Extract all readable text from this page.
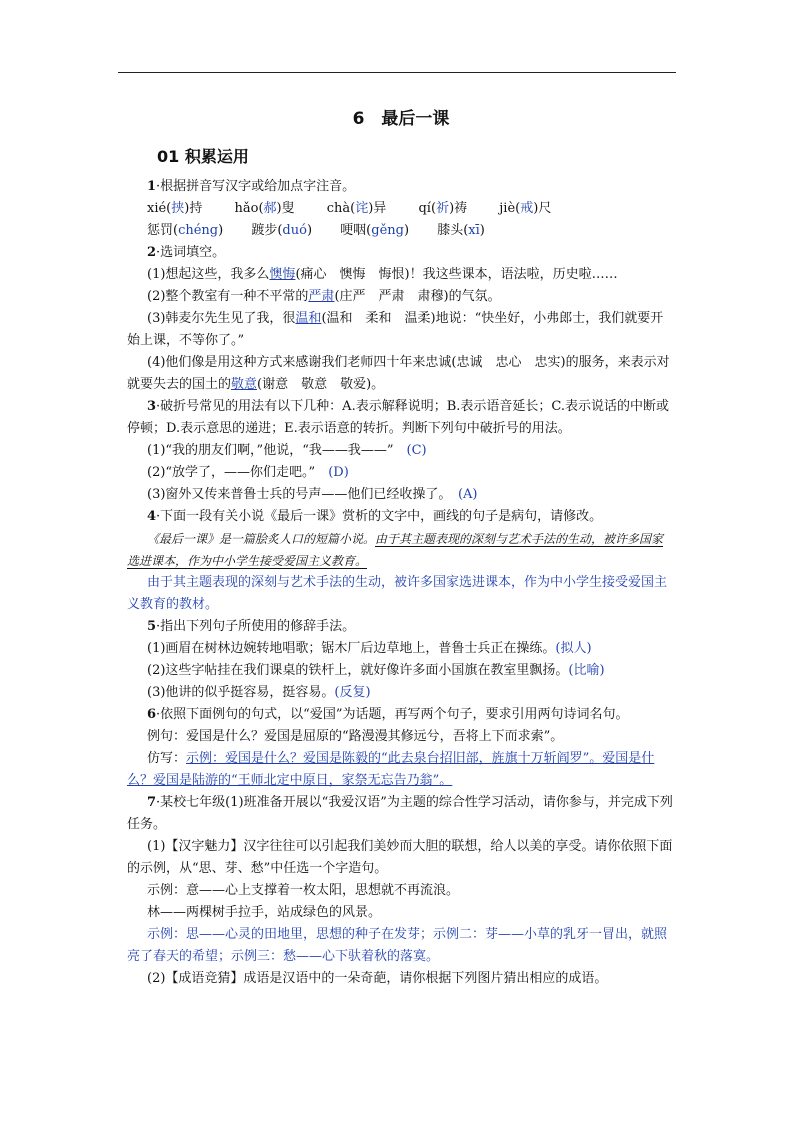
6　最后一课
01 积累运用

1·根据拼音写汉字或给加点字注音。

xié(挟)持 hǎo(郝)叟 chà(诧)异 qí(祈)祷 jiè(戒)尺
惩罚(chéng) 踱步(duó) 哽咽(gěng) 膝头(xī)

2·选词填空。

(1)想起这些，我多么懊悔(痛心　懊悔　悔恨)！我这些课本，语法啦，历史啦……

(2)整个教室有一种不平常的严肃(庄严　严肃　肃穆)的气氛。

(3)韩麦尔先生见了我，很温和(温和　柔和　温柔)地说：“快坐好，小弗郎士，我们就要开始上课，不等你了。”

(4)他们像是用这种方式来感谢我们老师四十年来忠诚(忠诚　忠心　忠实)的服务，来表示对就要失去的国土的敬意(谢意　敬意　敬爱)。

3·破折号常见的用法有以下几种：A.表示解释说明；B.表示语音延长；C.表示说话的中断或停顿；D.表示意思的递进；E.表示语意的转折。判断下列句中破折号的用法。

(1)“我的朋友们啊，”他说，“我——我——”　 (C)

(2)“放学了，——你们走吧。”　 (D)

(3)窗外又传来普鲁士兵的号声——他们已经收操了。　 (A)

4·下面一段有关小说《最后一课》赏析的文字中，画线的句子是病句，请修改。

《最后一课》是一篇脍炙人口的短篇小说。由于其主题表现的深刻与艺术手法的生动，被许多国家选进课本，作为中小学生接受爱国主义教育。

由于其主题表现的深刻与艺术手法的生动，被许多国家选进课本，作为中小学生接受爱国主义教育的教材。

5·指出下列句子所使用的修辞手法。

(1)画眉在树林边婉转地唱歌；锯木厂后边草地上，普鲁士兵正在操练。(拟人)

(2)这些字帖挂在我们课桌的铁杆上，就好像许多面小国旗在教室里飘扬。(比喻)

(3)他讲的似乎挺容易，挺容易。(反复)

6·依照下面例句的句式，以“爱国”为话题，再写两个句子，要求引用两句诗词名句。

例句：爱国是什么？爱国是屈原的“路漫漫其修远兮，吾将上下而求索”。

仿写：示例：爱国是什么？爱国是陈毅的“此去泉台招旧部，旌旗十万斩阎罗”。爱国是什么？爱国是陆游的“王师北定中原日，家祭无忘告乃翁”。

7·某校七年级(1)班准备开展以“我爱汉语”为主题的综合性学习活动，请你参与，并完成下列任务。

(1)【汉字魅力】汉字往往可以引起我们美妙而大胆的联想，给人以美的享受。请你依照下面的示例，从“思、芽、愁”中任选一个字造句。

示例：意——心上支撑着一枚太阳，思想就不再流浪。

林——两棵树手拉手，站成绿色的风景。

示例：思——心灵的田地里，思想的种子在发芽；示例二：芽——小草的乳牙一冒出，就照亮了春天的希望；示例三：愁——心下驮着秋的落寞。

(2)【成语竞猜】成语是汉语中的一朵奇葩，请你根据下列图片猜出相应的成语。
